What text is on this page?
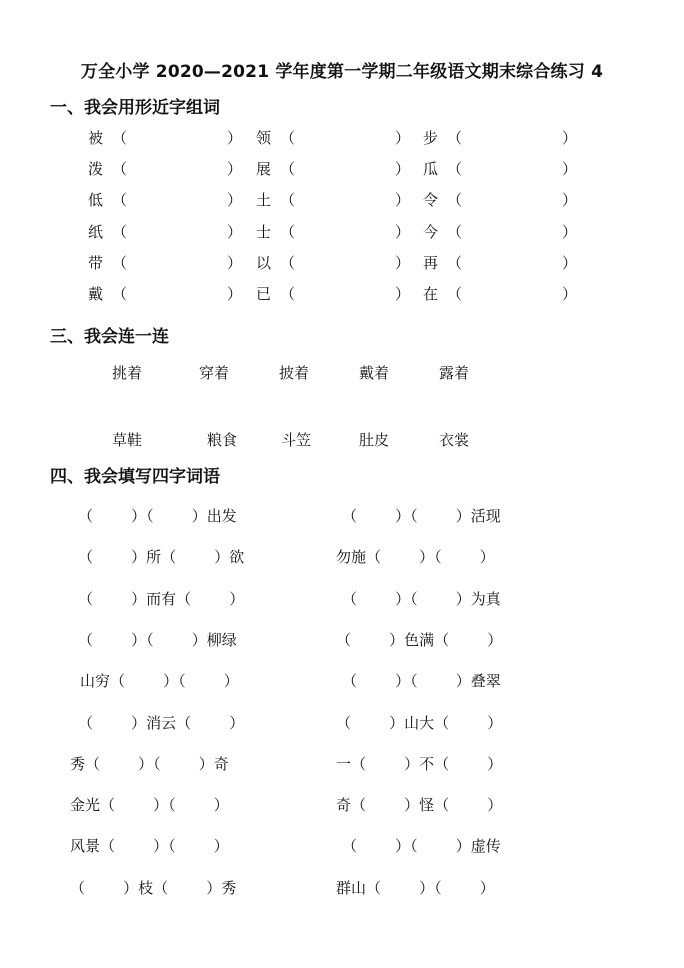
万全小学 2020—2021 学年度第一学期二年级语文期末综合练习 4
一、我会用形近字组词
被 （	） 领 （	） 步 （	）
泼 （	） 展 （	） 瓜 （	）
低 （	） 土 （	） 令 （	）
纸 （	） 士 （	） 今 （	）
带 （	） 以 （	） 再 （	）
戴 （	） 已 （	） 在 （	）
三、我会连一连
挑着	穿着	披着	戴着	露着
草鞋	粮食	斗笠	肚皮	衣裳
四、我会填写四字词语
（        ）（        ）出发	（        ）（        ）活现
（        ）所（        ）欲	勿施（        ）（        ）
（        ）而有（        ）	（        ）（        ）为真
（        ）（        ）柳绿	（        ）色满（        ）
山穷（        ）（        ）	（        ）（        ）叠翠
（        ）消云（        ）	（        ）山大（        ）
秀（        ）（        ）奇	一（        ）不（        ）
金光（        ）（        ）	奇（        ）怪（        ）
风景（        ）（        ）	（        ）（        ）虚传
（        ）枝（        ）秀	群山（        ）（        ）
